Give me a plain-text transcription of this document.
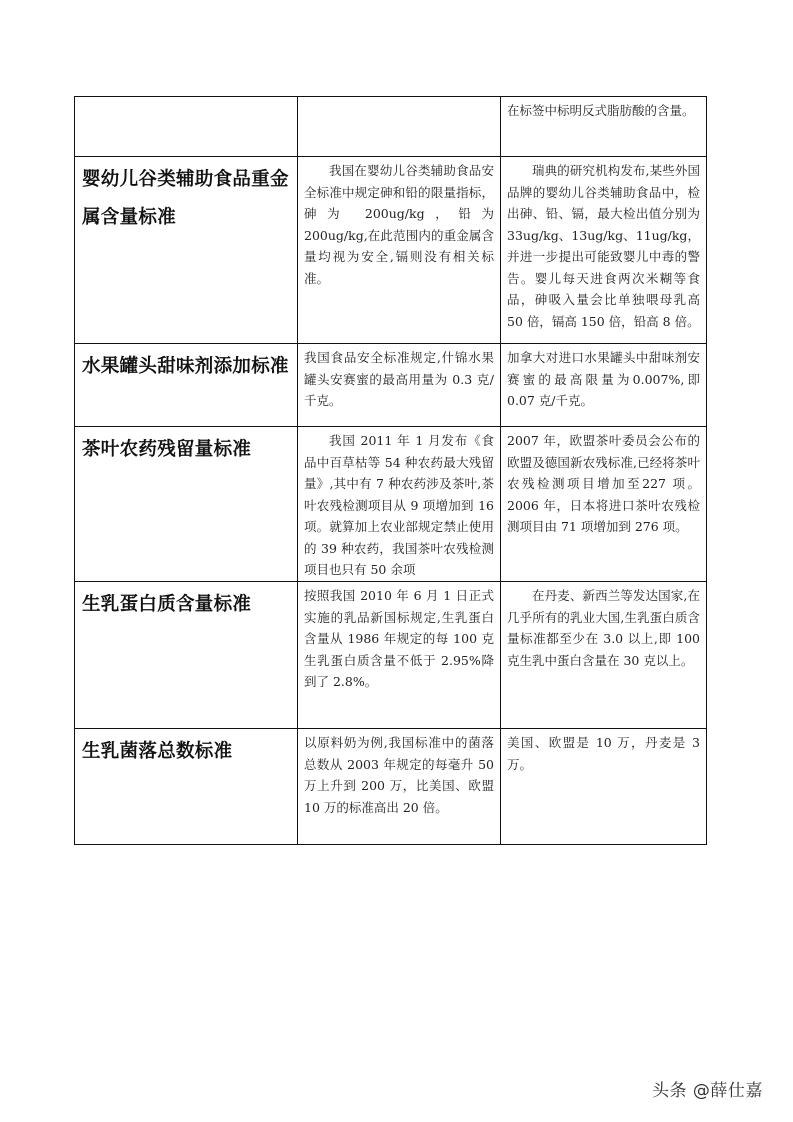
		在标签中标明反式脂肪酸的含量。
婴幼儿谷类辅助食品重金属含量标准	我国在婴幼儿谷类辅助食品安全标准中规定砷和铅的限量指标，砷为 200ug/kg，铅为 200ug/kg,在此范围内的重金属含量均视为安全,镉则没有相关标准。	瑞典的研究机构发布,某些外国品牌的婴幼儿谷类辅助食品中，检出砷、铅、镉，最大检出值分别为 33ug/kg、13ug/kg、11ug/kg，并进一步提出可能致婴儿中毒的警告。婴儿每天进食两次米糊等食品，砷吸入量会比单独喂母乳高 50 倍，镉高 150 倍，铅高 8 倍。
水果罐头甜味剂添加标准	我国食品安全标准规定,什锦水果罐头安赛蜜的最高用量为 0.3 克/千克。	加拿大对进口水果罐头中甜味剂安赛蜜的最高限量为0.007%,即 0.07 克/千克。
茶叶农药残留量标准	我国 2011 年 1 月发布《食品中百草枯等 54 种农药最大残留量》,其中有 7 种农药涉及茶叶,茶叶农残检测项目从 9 项增加到 16 项。就算加上农业部规定禁止使用的 39 种农药，我国茶叶农残检测项目也只有 50 余项	2007 年，欧盟茶叶委员会公布的欧盟及德国新农残标准,已经将茶叶农残检测项目增加至227 项。2006 年，日本将进口茶叶农残检测项目由 71 项增加到 276 项。
生乳蛋白质含量标准	按照我国 2010 年 6 月 1 日正式实施的乳品新国标规定,生乳蛋白含量从 1986 年规定的每 100 克生乳蛋白质含量不低于 2.95%降到了 2.8%。	在丹麦、新西兰等发达国家,在几乎所有的乳业大国,生乳蛋白质含量标准都至少在 3.0 以上,即 100 克生乳中蛋白含量在 30 克以上。
生乳菌落总数标准	以原料奶为例,我国标准中的菌落总数从 2003 年规定的每毫升 50 万上升到 200 万，比美国、欧盟 10 万的标准高出 20 倍。	美国、欧盟是 10 万，丹麦是 3 万。
头条 @薛仕嘉
